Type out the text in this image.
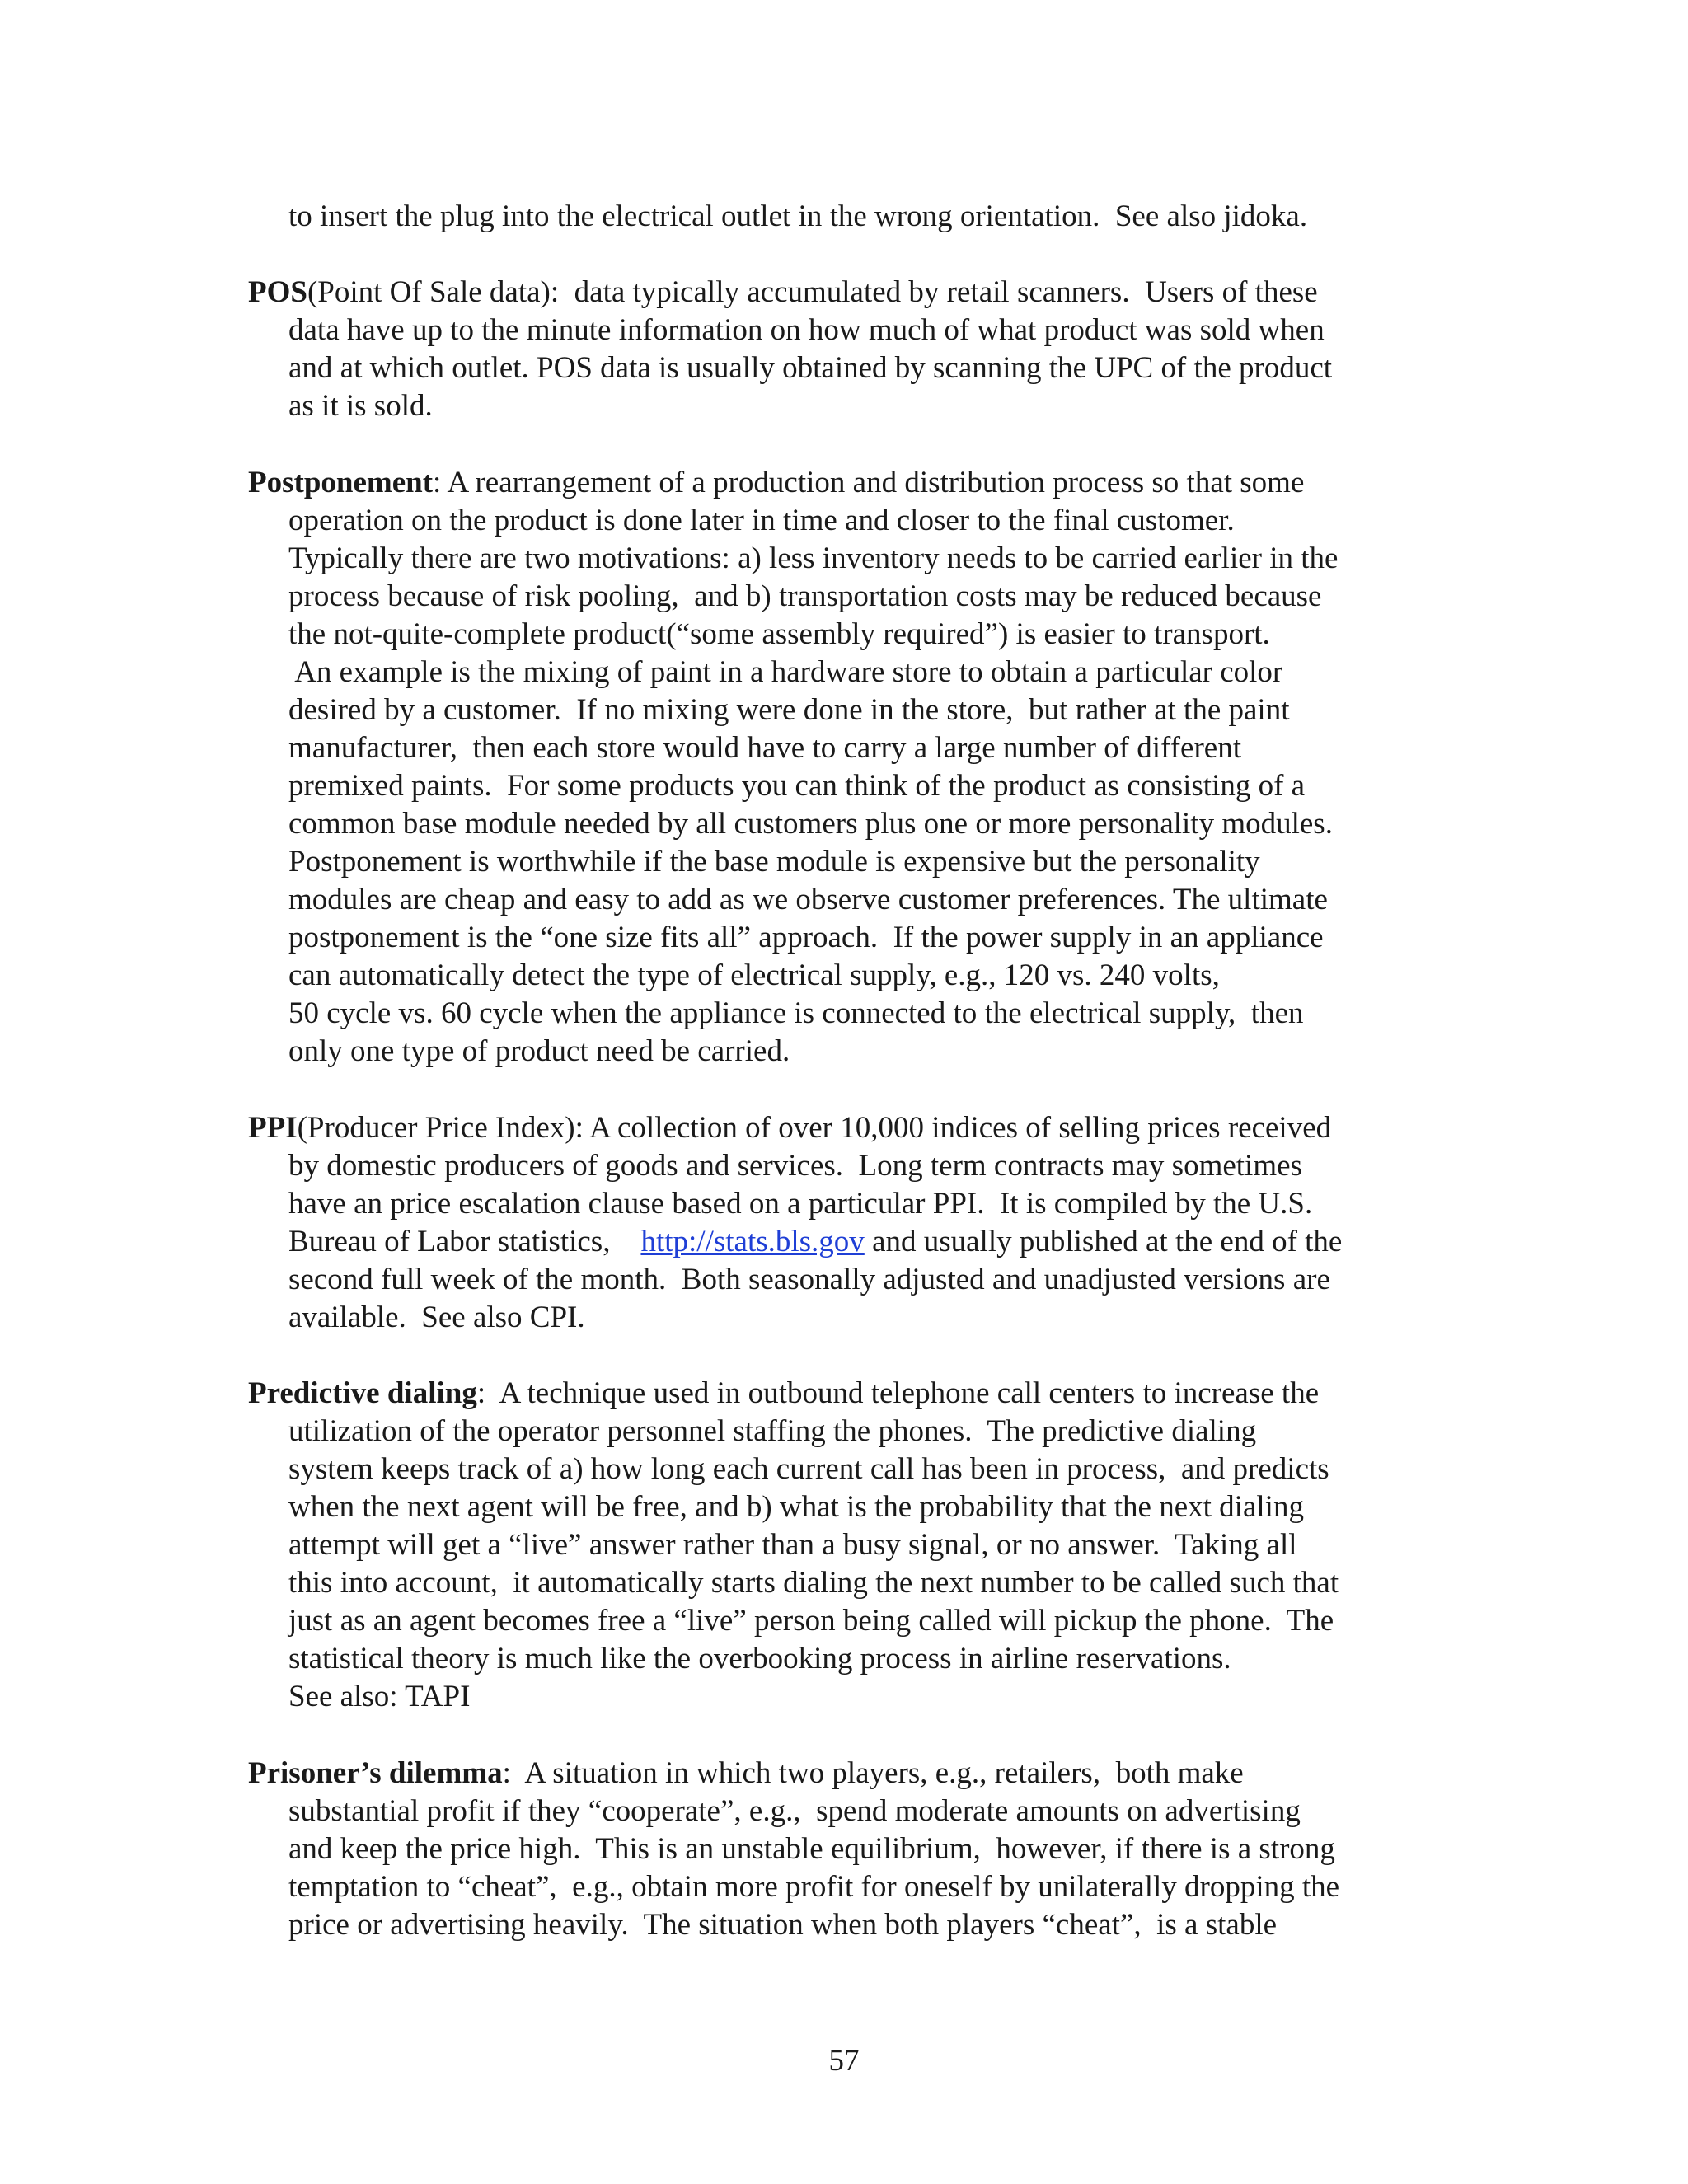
to insert the plug into the electrical outlet in the wrong orientation.  See also jidoka.

POS(Point Of Sale data):  data typically accumulated by retail scanners.  Users of these

data have up to the minute information on how much of what product was sold when

and at which outlet. POS data is usually obtained by scanning the UPC of the product

as it is sold.

Postponement: A rearrangement of a production and distribution process so that some

operation on the product is done later in time and closer to the final customer.

Typically there are two motivations: a) less inventory needs to be carried earlier in the

process because of risk pooling,  and b) transportation costs may be reduced because

the not-quite-complete product(“some assembly required”) is easier to transport.

An example is the mixing of paint in a hardware store to obtain a particular color

desired by a customer.  If no mixing were done in the store,  but rather at the paint

manufacturer,  then each store would have to carry a large number of different

premixed paints.  For some products you can think of the product as consisting of a

common base module needed by all customers plus one or more personality modules.

Postponement is worthwhile if the base module is expensive but the personality

modules are cheap and easy to add as we observe customer preferences. The ultimate

postponement is the “one size fits all” approach.  If the power supply in an appliance

can automatically detect the type of electrical supply, e.g., 120 vs. 240 volts,

50 cycle vs. 60 cycle when the appliance is connected to the electrical supply,  then

only one type of product need be carried.

PPI(Producer Price Index): A collection of over 10,000 indices of selling prices received

by domestic producers of goods and services.  Long term contracts may sometimes

have an price escalation clause based on a particular PPI.  It is compiled by the U.S.

Bureau of Labor statistics,    http://stats.bls.gov and usually published at the end of the

second full week of the month.  Both seasonally adjusted and unadjusted versions are

available.  See also CPI.

Predictive dialing:  A technique used in outbound telephone call centers to increase the

utilization of the operator personnel staffing the phones.  The predictive dialing

system keeps track of a) how long each current call has been in process,  and predicts

when the next agent will be free, and b) what is the probability that the next dialing

attempt will get a “live” answer rather than a busy signal, or no answer.  Taking all

this into account,  it automatically starts dialing the next number to be called such that

just as an agent becomes free a “live” person being called will pickup the phone.  The

statistical theory is much like the overbooking process in airline reservations.

See also: TAPI

Prisoner’s dilemma:  A situation in which two players, e.g., retailers,  both make

substantial profit if they “cooperate”, e.g.,  spend moderate amounts on advertising

and keep the price high.  This is an unstable equilibrium,  however, if there is a strong

temptation to “cheat”,  e.g., obtain more profit for oneself by unilaterally dropping the

price or advertising heavily.  The situation when both players “cheat”,  is a stable

57
